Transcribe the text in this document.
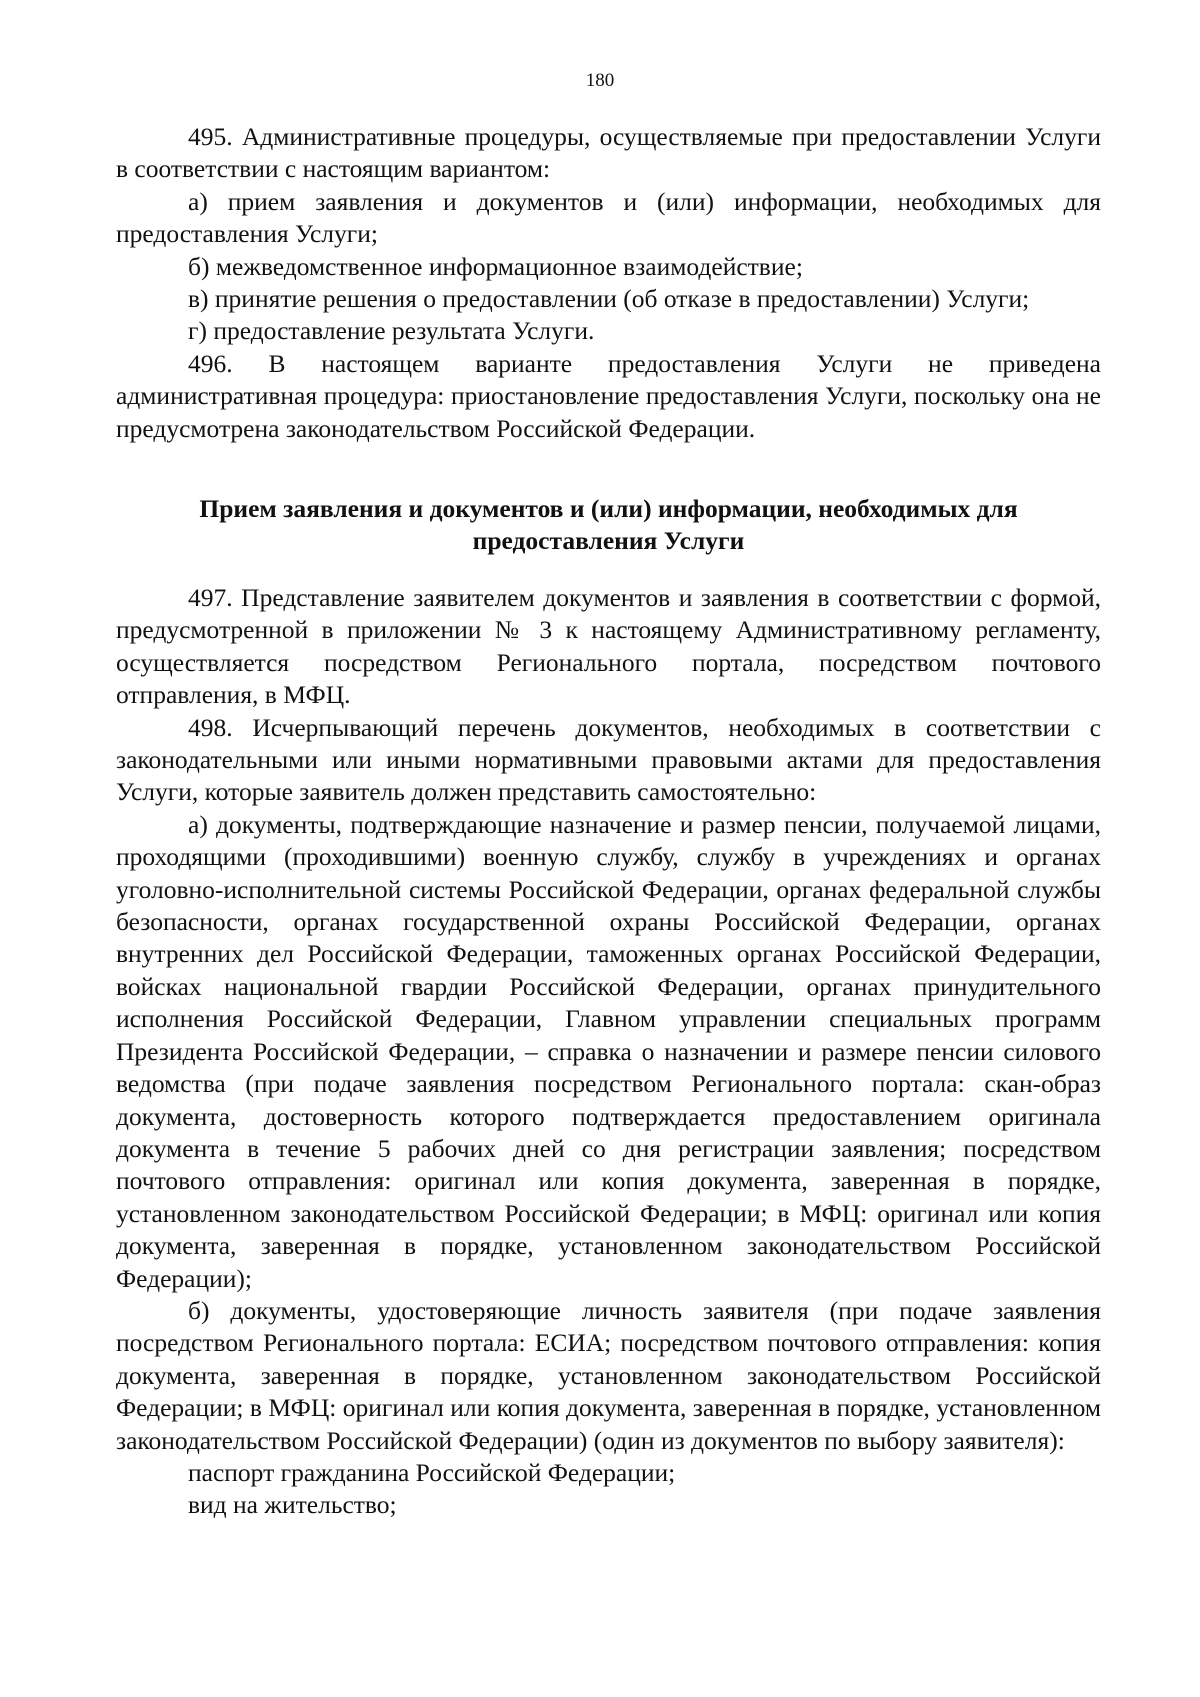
180

495. Административные процедуры, осуществляемые при предоставлении Услуги в соответствии с настоящим вариантом:

а) прием заявления и документов и (или) информации, необходимых для предоставления Услуги;

б) межведомственное информационное взаимодействие;

в) принятие решения о предоставлении (об отказе в предоставлении) Услуги;

г) предоставление результата Услуги.

496. В настоящем варианте предоставления Услуги не приведена административная процедура: приостановление предоставления Услуги, поскольку она не предусмотрена законодательством Российской Федерации.

Прием заявления и документов и (или) информации, необходимых для предоставления Услуги

497. Представление заявителем документов и заявления в соответствии с формой, предусмотренной в приложении № 3 к настоящему Административному регламенту, осуществляется посредством Регионального портала, посредством почтового отправления, в МФЦ.

498. Исчерпывающий перечень документов, необходимых в соответствии с законодательными или иными нормативными правовыми актами для предоставления Услуги, которые заявитель должен представить самостоятельно:

а) документы, подтверждающие назначение и размер пенсии, получаемой лицами, проходящими (проходившими) военную службу, службу в учреждениях и органах уголовно-исполнительной системы Российской Федерации, органах федеральной службы безопасности, органах государственной охраны Российской Федерации, органах внутренних дел Российской Федерации, таможенных органах Российской Федерации, войсках национальной гвардии Российской Федерации, органах принудительного исполнения Российской Федерации, Главном управлении специальных программ Президента Российской Федерации, – справка о назначении и размере пенсии силового ведомства (при подаче заявления посредством Регионального портала: скан-образ документа, достоверность которого подтверждается предоставлением оригинала документа в течение 5 рабочих дней со дня регистрации заявления; посредством почтового отправления: оригинал или копия документа, заверенная в порядке, установленном законодательством Российской Федерации; в МФЦ: оригинал или копия документа, заверенная в порядке, установленном законодательством Российской Федерации);

б) документы, удостоверяющие личность заявителя (при подаче заявления посредством Регионального портала: ЕСИА; посредством почтового отправления: копия документа, заверенная в порядке, установленном законодательством Российской Федерации; в МФЦ: оригинал или копия документа, заверенная в порядке, установленном законодательством Российской Федерации) (один из документов по выбору заявителя):

паспорт гражданина Российской Федерации;

вид на жительство;
